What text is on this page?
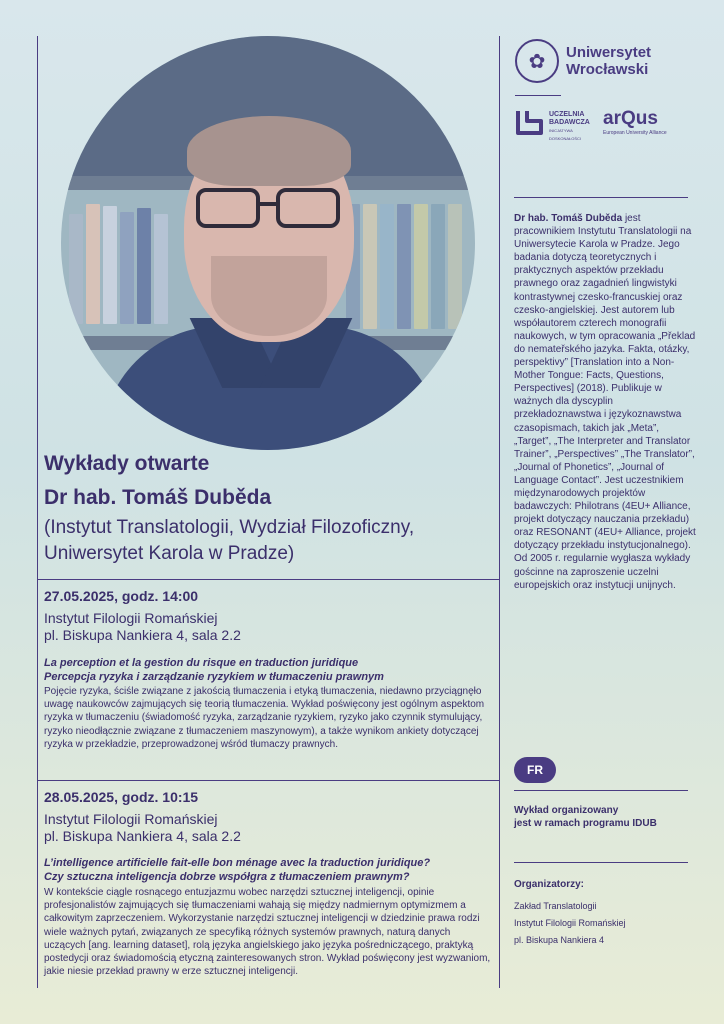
Wykłady otwarte
Dr hab. Tomáš Duběda

(Instytut Translatologii, Wydział Filozoficzny, Uniwersytet Karola w Pradze)

27.05.2025, godz. 14:00
Instytut Filologii Romańskiej
pl. Biskupa Nankiera 4, sala 2.2
La perception et la gestion du risque en traduction juridique
Percepcja ryzyka i zarządzanie ryzykiem w tłumaczeniu prawnym
Pojęcie ryzyka, ściśle związane z jakością tłumaczenia i etyką tłumaczenia, niedawno przyciągnęło uwagę naukowców zajmujących się teorią tłumaczenia. Wykład poświęcony jest ogólnym aspektom ryzyka w tłumaczeniu (świadomość ryzyka, zarządzanie ryzykiem, ryzyko jako czynnik stymulujący, ryzyko nieodłącznie związane z tłumaczeniem maszynowym), a także wynikom ankiety dotyczącej ryzyka w przekładzie, przeprowadzonej wśród tłumaczy prawnych.
28.05.2025, godz. 10:15
Instytut Filologii Romańskiej
pl. Biskupa Nankiera 4, sala 2.2
L’intelligence artificielle fait-elle bon ménage avec la traduction juridique?
Czy sztuczna inteligencja dobrze współgra z tłumaczeniem prawnym?
W kontekście ciągle rosnącego entuzjazmu wobec narzędzi sztucznej inteligencji, opinie profesjonalistów zajmujących się tłumaczeniami wahają się między nadmiernym optymizmem a całkowitym zaprzeczeniem. Wykorzystanie narzędzi sztucznej inteligencji w dziedzinie prawa rodzi wiele ważnych pytań, związanych ze specyfiką różnych systemów prawnych, naturą danych uczących [ang. learning dataset], rolą języka angielskiego jako języka pośredniczącego, praktyką postedycji oraz świadomością etyczną zainteresowanych stron. Wykład poświęcony jest wyzwaniom, jakie niesie przekład prawny w erze sztucznej inteligencji.
✿	Uniwersytet
Wrocławski
UCZELNIA
BADAWCZA
INICJATYWA DOSKONAŁOŚCI
arQus
European University Alliance
Dr hab. Tomáš Duběda jest pracownikiem Instytutu Translatologii na Uniwersytecie Karola w Pradze. Jego badania dotyczą teoretycznych i praktycznych aspektów przekładu prawnego oraz zagadnień lingwistyki kontrastywnej czesko-francuskiej oraz czesko-angielskiej. Jest autorem lub współautorem czterech monografii naukowych, w tym opracowania „Překlad do nemateřského jazyka. Fakta, otázky, perspektivy” [Translation into a Non-Mother Tongue: Facts, Questions, Perspectives] (2018). Publikuje w ważnych dla dyscyplin przekładoznawstwa i językoznawstwa czasopismach, takich jak „Meta”, „Target”, „The Interpreter and Translator Trainer”, „Perspectives” „The Translator”, „Journal of Phonetics”, „Journal of Language Contact”. Jest uczestnikiem międzynarodowych projektów badawczych: Philotrans (4EU+ Alliance, projekt dotyczący nauczania przekładu) oraz RESONANT (4EU+ Alliance, projekt dotyczący przekładu instytucjonalnego). Od 2005 r. regularnie wygłasza wykłady gościnne na zaproszenie uczelni europejskich oraz instytucji unijnych.
FR
Wykład organizowany
jest w ramach programu IDUB
Organizatorzy:
Zakład Translatologii
Instytut Filologii Romańskiej
pl. Biskupa Nankiera 4
